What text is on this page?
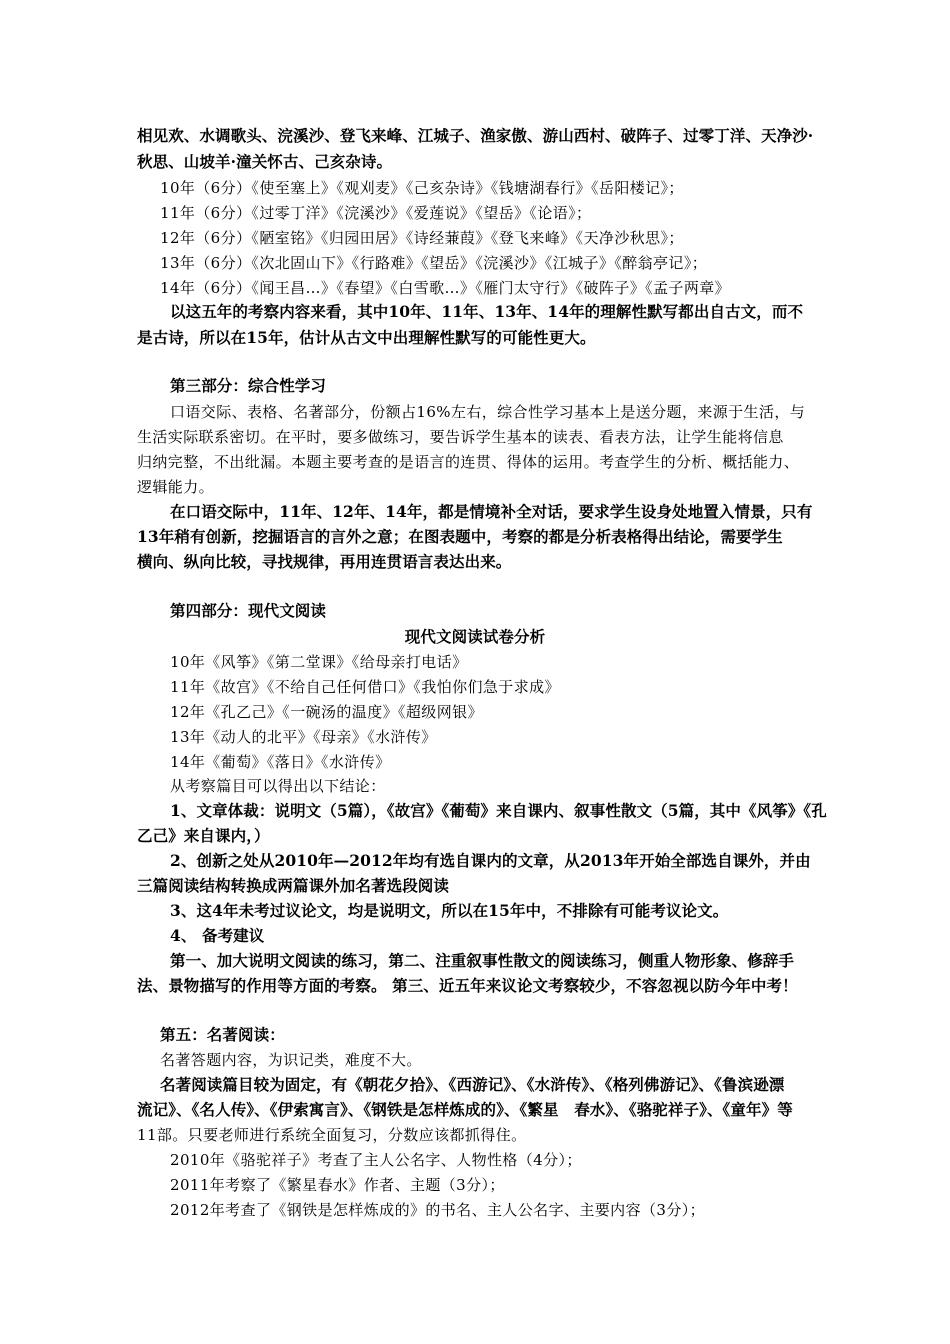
相见欢、水调歌头、浣溪沙、登飞来峰、江城子、渔家傲、游山西村、破阵子、过零丁洋、天净沙·
秋思、山坡羊·潼关怀古、己亥杂诗。
10年（6分）《使至塞上》《观刈麦》《己亥杂诗》《钱塘湖春行》《岳阳楼记》；
11年（6分）《过零丁洋》《浣溪沙》《爱莲说》《望岳》《论语》；
12年（6分）《陋室铭》《归园田居》《诗经蒹葭》《登飞来峰》《天净沙秋思》；
13年（6分）《次北固山下》《行路难》《望岳》《浣溪沙》《江城子》《醉翁亭记》；
14年（6分）《闻王昌…》《春望》《白雪歌…》《雁门太守行》《破阵子》《孟子两章》
以这五年的考察内容来看，其中10年、11年、13年、14年的理解性默写都出自古文，而不
是古诗，所以在15年，估计从古文中出理解性默写的可能性更大。
第三部分：综合性学习
口语交际、表格、名著部分，份额占16%左右，综合性学习基本上是送分题，来源于生活，与
生活实际联系密切。在平时，要多做练习，要告诉学生基本的读表、看表方法，让学生能将信息
归纳完整，不出纰漏。本题主要考查的是语言的连贯、得体的运用。考查学生的分析、概括能力、
逻辑能力。
在口语交际中，11年、12年、14年，都是情境补全对话，要求学生设身处地置入情景，只有
13年稍有创新，挖掘语言的言外之意；在图表题中，考察的都是分析表格得出结论，需要学生
横向、纵向比较，寻找规律，再用连贯语言表达出来。
第四部分：现代文阅读
现代文阅读试卷分析
10年《风筝》《第二堂课》《给母亲打电话》
11年《故宫》《不给自己任何借口》《我怕你们急于求成》
12年《孔乙己》《一碗汤的温度》《超级网银》
13年《动人的北平》《母亲》《水浒传》
14年《葡萄》《落日》《水浒传》
从考察篇目可以得出以下结论：
1、文章体裁：说明文（5篇），《故宫》《葡萄》来自课内、叙事性散文（5篇，其中《风筝》《孔
乙己》来自课内，）
2、创新之处从2010年—2012年均有选自课内的文章，从2013年开始全部选自课外，并由
三篇阅读结构转换成两篇课外加名著选段阅读
3、这4年未考过议论文，均是说明文，所以在15年中，不排除有可能考议论文。
4、 备考建议
第一、加大说明文阅读的练习，第二、注重叙事性散文的阅读练习，侧重人物形象、修辞手
法、景物描写的作用等方面的考察。 第三、近五年来议论文考察较少，不容忽视以防今年中考！
第五：名著阅读：
名著答题内容，为识记类，难度不大。
名著阅读篇目较为固定，有《朝花夕拾》、《西游记》、《水浒传》、《格列佛游记》、《鲁滨逊漂
流记》、《名人传》、《伊索寓言》、《钢铁是怎样炼成的》、《繁星　春水》、《骆驼祥子》、《童年》等
11部。只要老师进行系统全面复习，分数应该都抓得住。
2010年《骆驼祥子》考查了主人公名字、人物性格（4分）；
2011年考察了《繁星春水》作者、主题（3分）；
2012年考查了《钢铁是怎样炼成的》的书名、主人公名字、主要内容（3分）；
